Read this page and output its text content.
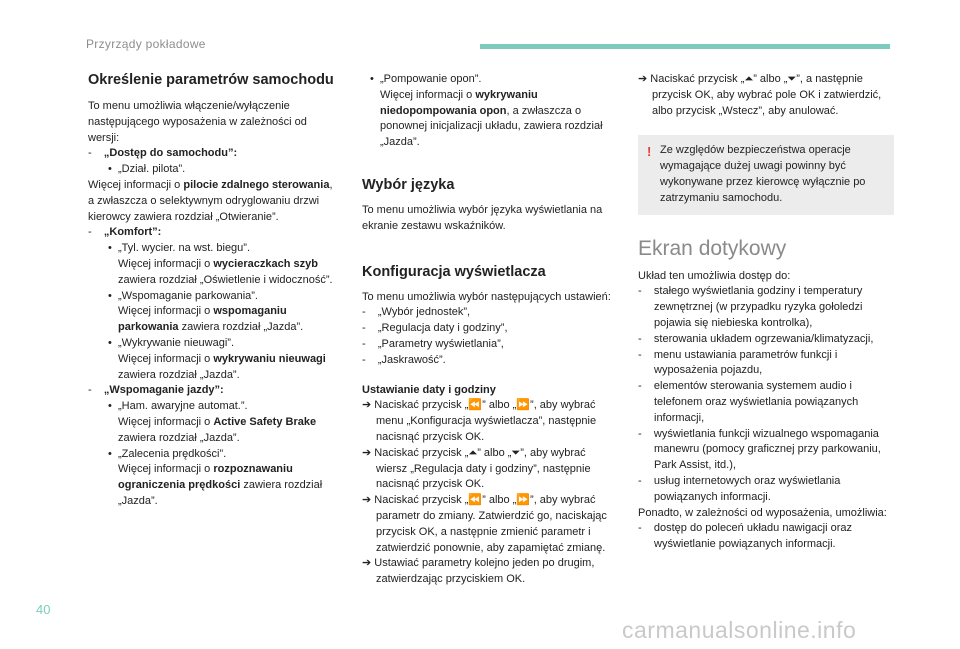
Przyrządy pokładowe
Określenie parametrów samochodu

To menu umożliwia włączenie/wyłączenie następującego wyposażenia w zależności od wersji:

-    „Dostęp do samochodu”:

•  „Dział. pilota”.

Więcej informacji o pilocie zdalnego sterowania, a zwłaszcza o selektywnym odryglowaniu drzwi kierowcy zawiera rozdział „Otwieranie”.

-    „Komfort”:

•  „Tyl. wycier. na wst. biegu”.

Więcej informacji o wycieraczkach szyb zawiera rozdział „Oświetlenie i widoczność”.

•  „Wspomaganie parkowania”.

Więcej informacji o wspomaganiu parkowania zawiera rozdział „Jazda”.

•  „Wykrywanie nieuwagi”.

Więcej informacji o wykrywaniu nieuwagi zawiera rozdział „Jazda”.

-    „Wspomaganie jazdy”:

•  „Ham. awaryjne automat.”.

Więcej informacji o Active Safety Brake zawiera rozdział „Jazda”.

•  „Zalecenia prędkości”.

Więcej informacji o rozpoznawaniu ograniczenia prędkości zawiera rozdział „Jazda”.

•  „Pompowanie opon”.

Więcej informacji o wykrywaniu niedopompowania opon, a zwłaszcza o ponownej inicjalizacji układu, zawiera rozdział „Jazda”.

Wybór języka

To menu umożliwia wybór języka wyświetlania na ekranie zestawu wskaźników.

Konfiguracja wyświetlacza

To menu umożliwia wybór następujących ustawień:

-    „Wybór jednostek”,

-    „Regulacja daty i godziny”,

-    „Parametry wyświetlania”,

-    „Jaskrawość”.

Ustawianie daty i godziny

➔ Naciskać przycisk „⏪” albo „⏩”, aby wybrać menu „Konfiguracja wyświetlacza”, następnie nacisnąć przycisk OK.

➔ Naciskać przycisk „⏶” albo „⏷”, aby wybrać wiersz „Regulacja daty i godziny”, następnie nacisnąć przycisk OK.

➔ Naciskać przycisk „⏪” albo „⏩”, aby wybrać parametr do zmiany. Zatwierdzić go, naciskając przycisk OK, a następnie zmienić parametr i zatwierdzić ponownie, aby zapamiętać zmianę.

➔ Ustawiać parametry kolejno jeden po drugim, zatwierdzając przyciskiem OK.

➔ Naciskać przycisk „⏶” albo „⏷”, a następnie przycisk OK, aby wybrać pole OK i zatwierdzić, albo przycisk „Wstecz”, aby anulować.

! Ze względów bezpieczeństwa operacje wymagające dużej uwagi powinny być wykonywane przez kierowcę wyłącznie po zatrzymaniu samochodu.

Ekran dotykowy

Układ ten umożliwia dostęp do:

-    stałego wyświetlania godziny i temperatury zewnętrznej (w przypadku ryzyka gołoledzi pojawia się niebieska kontrolka),

-    sterowania układem ogrzewania/klimatyzacji,

-    menu ustawiania parametrów funkcji i wyposażenia pojazdu,

-    elementów sterowania systemem audio i telefonem oraz wyświetlania powiązanych informacji,

-    wyświetlania funkcji wizualnego wspomagania manewru (pomocy graficznej przy parkowaniu, Park Assist, itd.),

-    usług internetowych oraz wyświetlania powiązanych informacji.

Ponadto, w zależności od wyposażenia, umożliwia:

-    dostęp do poleceń układu nawigacji oraz wyświetlanie powiązanych informacji.

40
carmanualsonline.info
